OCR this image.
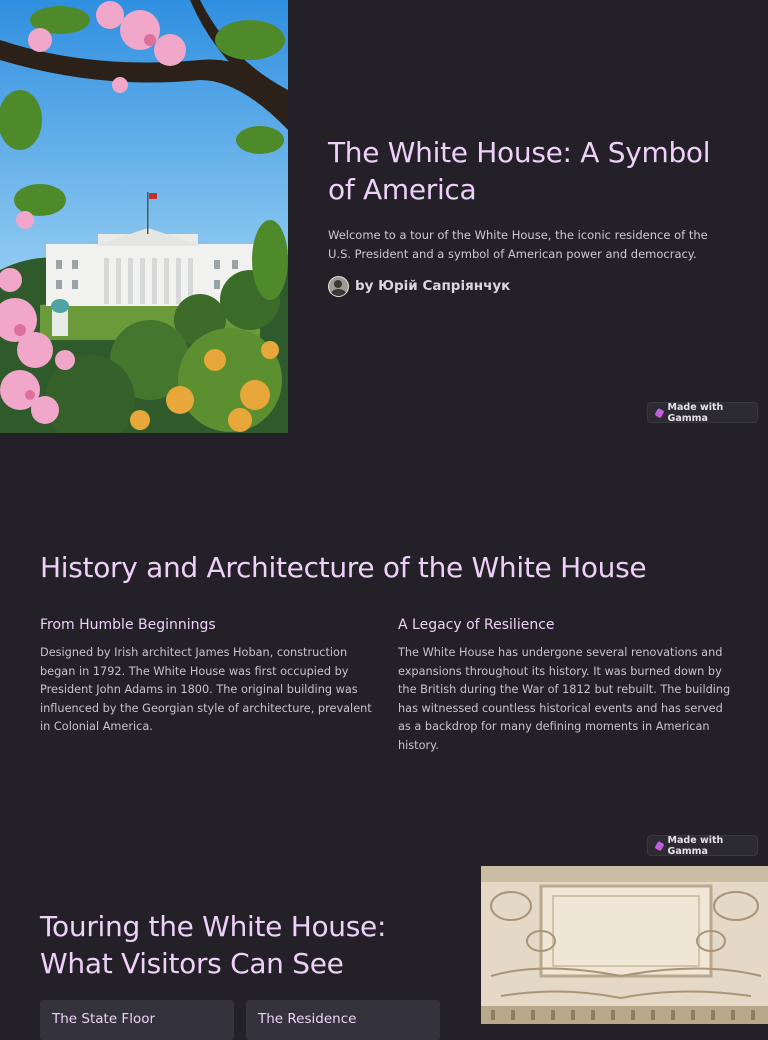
The White House: A Symbol of America

Welcome to a tour of the White House, the iconic residence of the U.S. President and a symbol of American power and democracy.

by Юрій Сапріянчук
Made with Gamma
History and Architecture of the White House
From Humble Beginnings

Designed by Irish architect James Hoban, construction began in 1792. The White House was first occupied by President John Adams in 1800. The original building was influenced by the Georgian style of architecture, prevalent in Colonial America.

A Legacy of Resilience

The White House has undergone several renovations and expansions throughout its history. It was burned down by the British during the War of 1812 but rebuilt. The building has witnessed countless historical events and has served as a backdrop for many defining moments in American history.

Made with Gamma
Touring the White House: What Visitors Can See
The State Floor	The Residence
